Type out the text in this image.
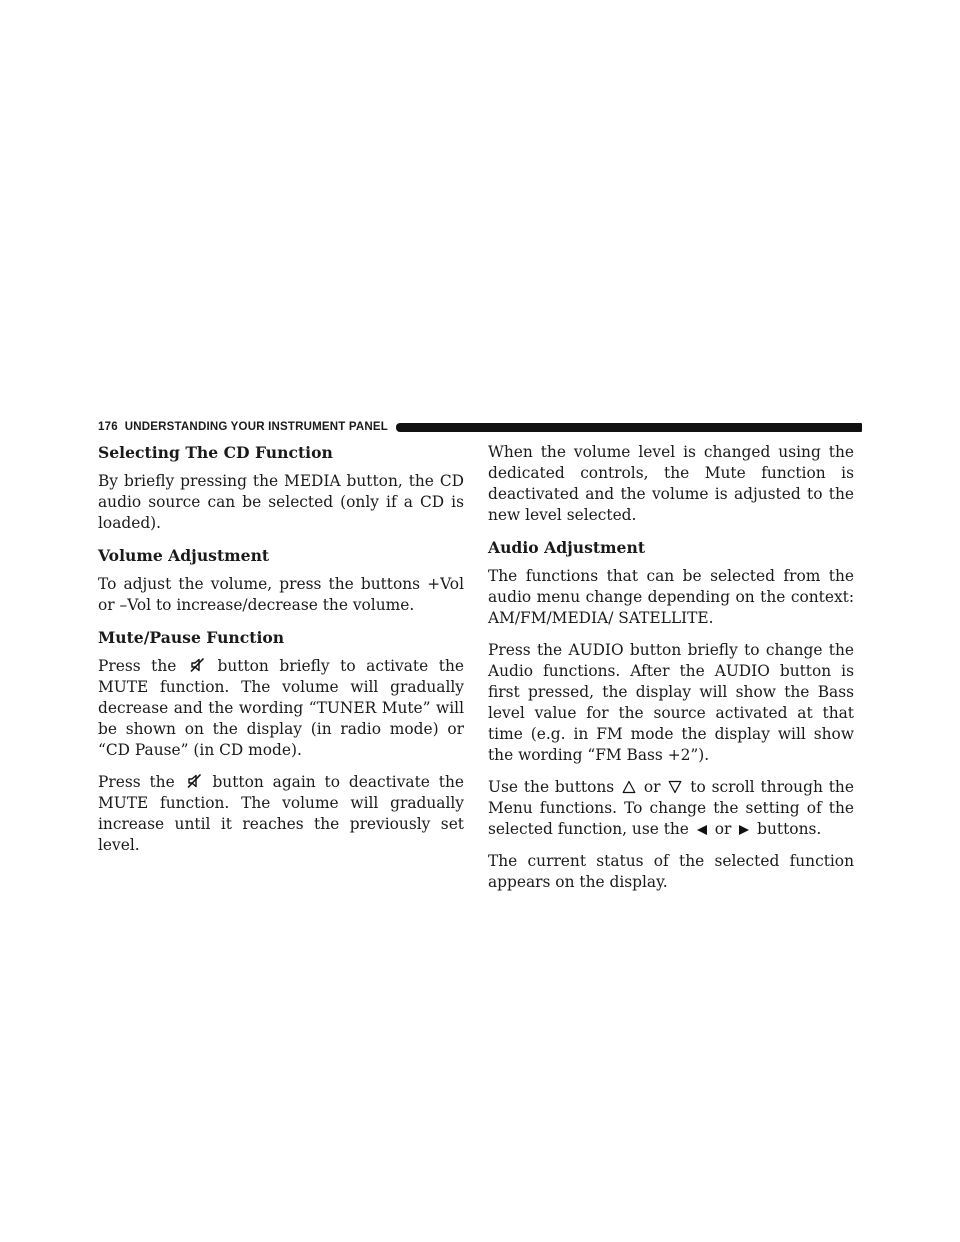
176 UNDERSTANDING YOUR INSTRUMENT PANEL
Selecting The CD Function

By briefly pressing the MEDIA button, the CD audio source can be selected (only if a CD is loaded).

Volume Adjustment

To adjust the volume, press the buttons +Vol or –Vol to increase/decrease the volume.

Mute/Pause Function

Press the	button briefly to activate the MUTE function. The volume will gradually decrease and the wording “TUNER Mute” will be shown on the display (in radio mode) or “CD Pause” (in CD mode).

Press the button again to deactivate the MUTE function. The volume will gradually increase until it reaches the previously set level.

When the volume level is changed using the dedicated controls, the Mute function is deactivated and the volume is adjusted to the new level selected.

Audio Adjustment

The functions that can be selected from the audio menu change depending on the context: AM/FM/MEDIA/ SATELLITE.

Press the AUDIO button briefly to change the Audio functions. After the AUDIO button is first pressed, the display will show the Bass level value for the source activated at that time (e.g. in FM mode the display will show the wording “FM Bass +2”).

Use the buttons or to scroll through the Menu functions. To change the setting of the selected function, use the or buttons.

The current status of the selected function appears on the display.
